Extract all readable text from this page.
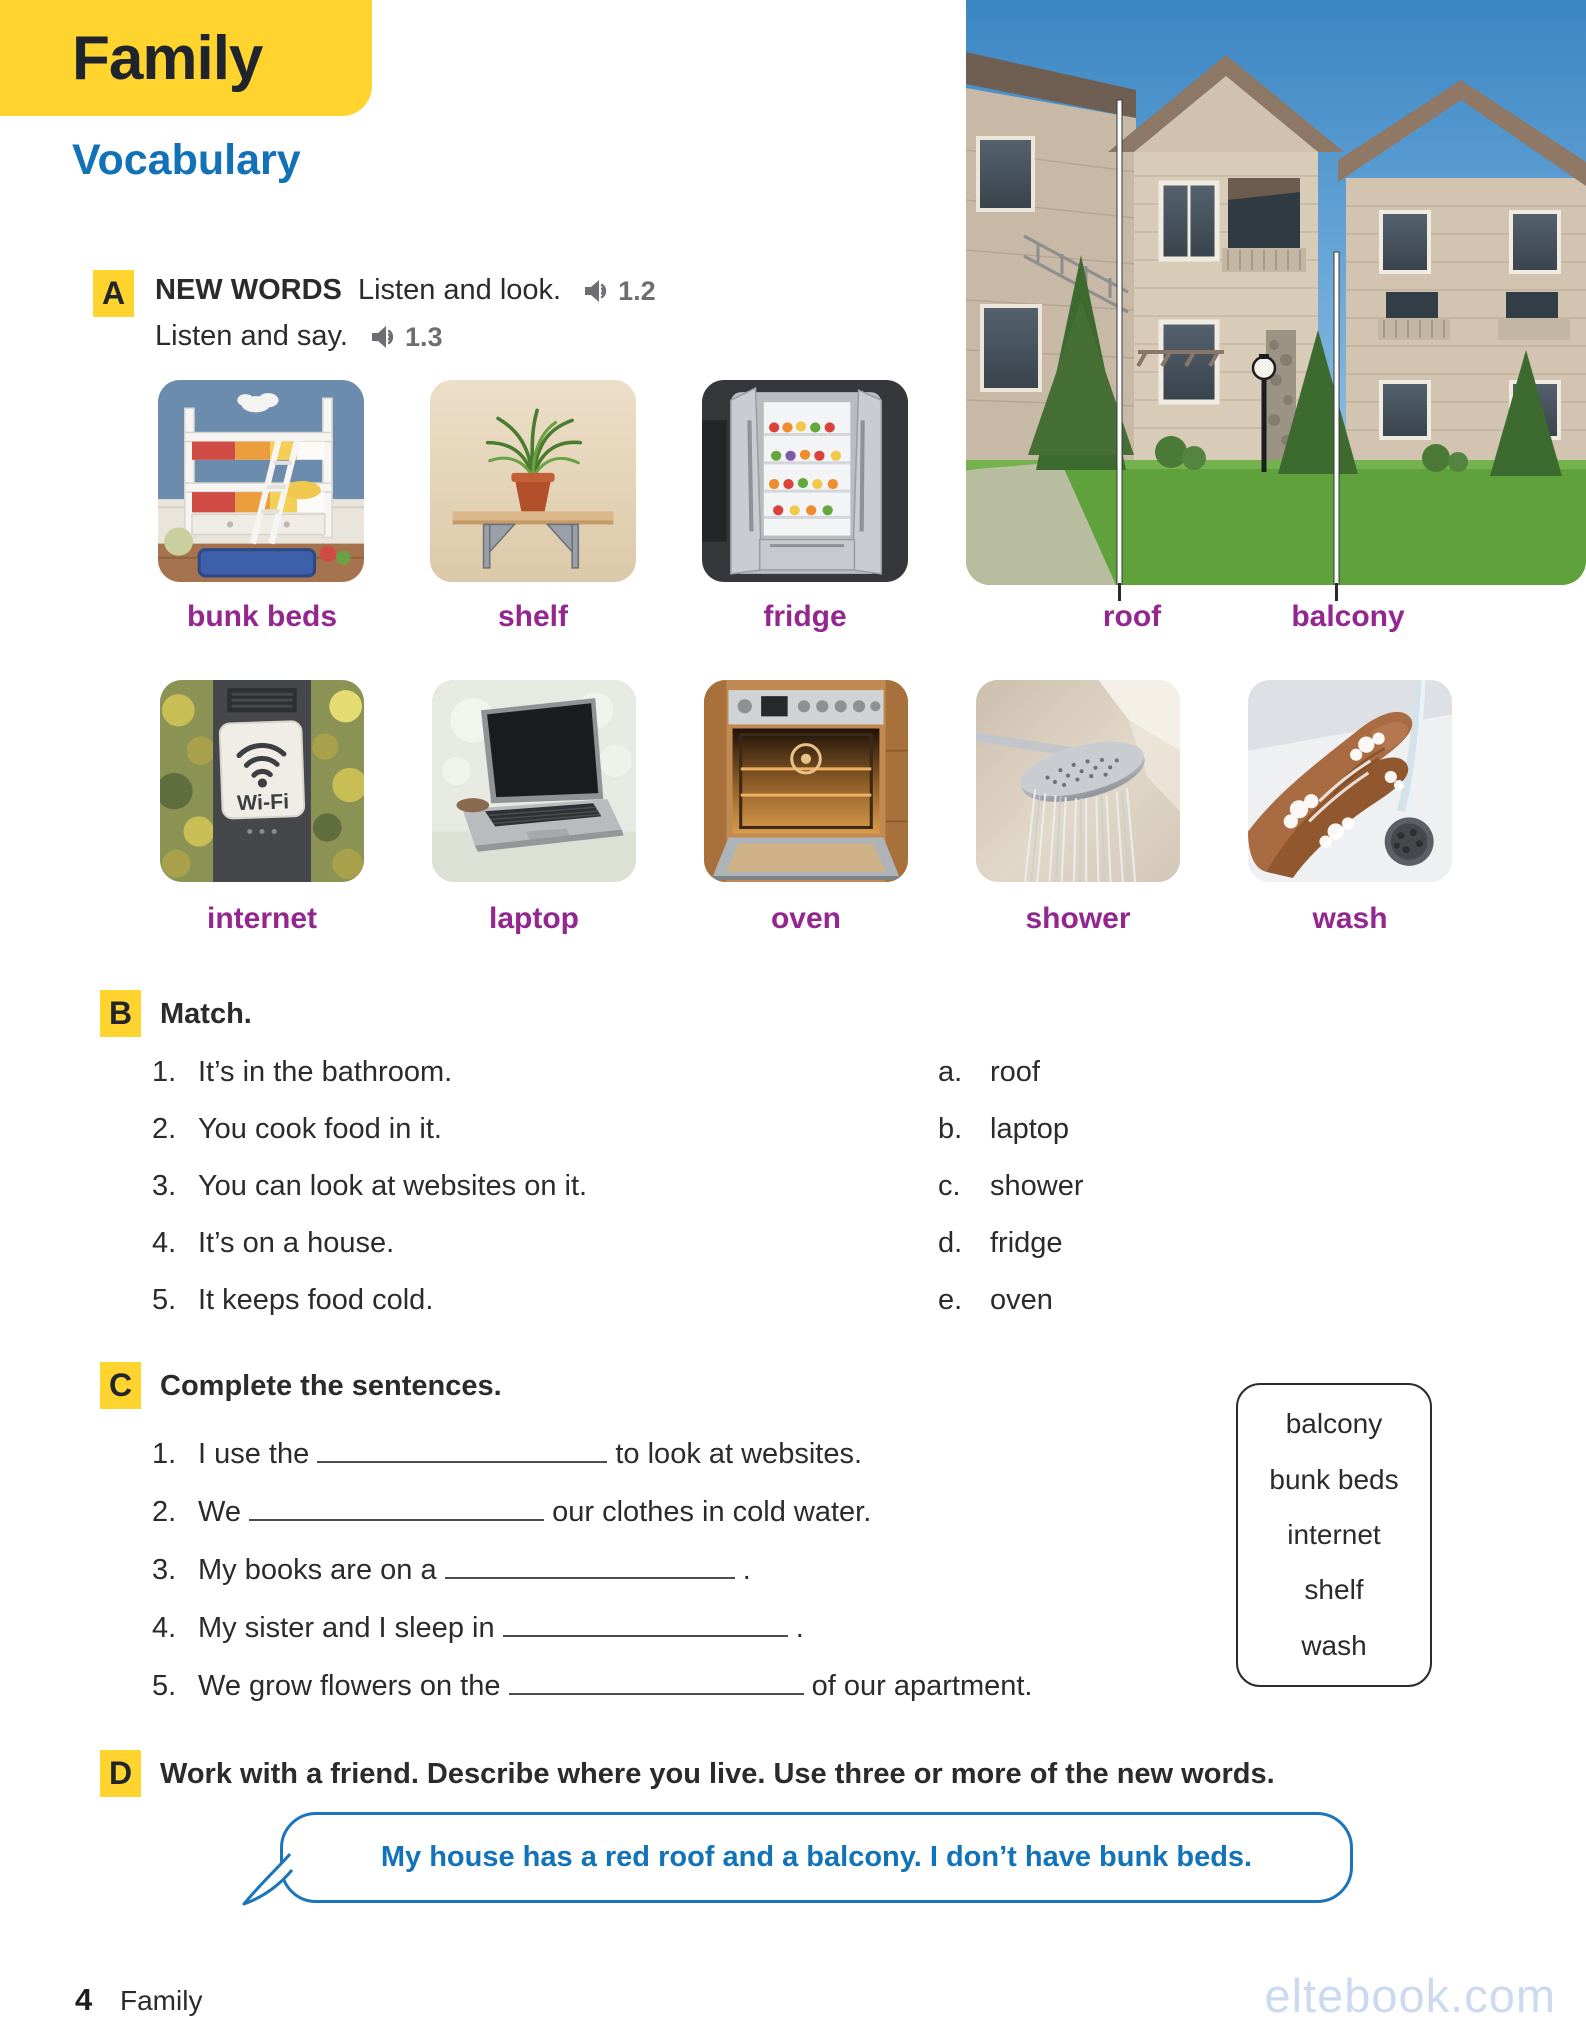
Family
Vocabulary
A	NEW WORDS Listen and look. 1.2
Listen and say. 1.3
bunk beds	shelf	fridge	roof	balcony
Wi-Fi
internet	laptop	oven	shower	wash
B Match.
1. It’s in the bathroom.
2. You cook food in it.
3. You can look at websites on it.
4. It’s on a house.
5. It keeps food cold.
a. roof
b. laptop
c. shower
d. fridge
e. oven
C Complete the sentences.
1. I use the	to look at websites.
2. We	our clothes in cold water.
3. My books are on a	.
4. My sister and I sleep in	.
5. We grow flowers on the	of our apartment.
balcony
bunk beds
internet
shelf
wash
D Work with a friend. Describe where you live. Use three or more of the new words.
My house has a red roof and a balcony. I don’t have bunk beds.
4 Family	eltebook.com
